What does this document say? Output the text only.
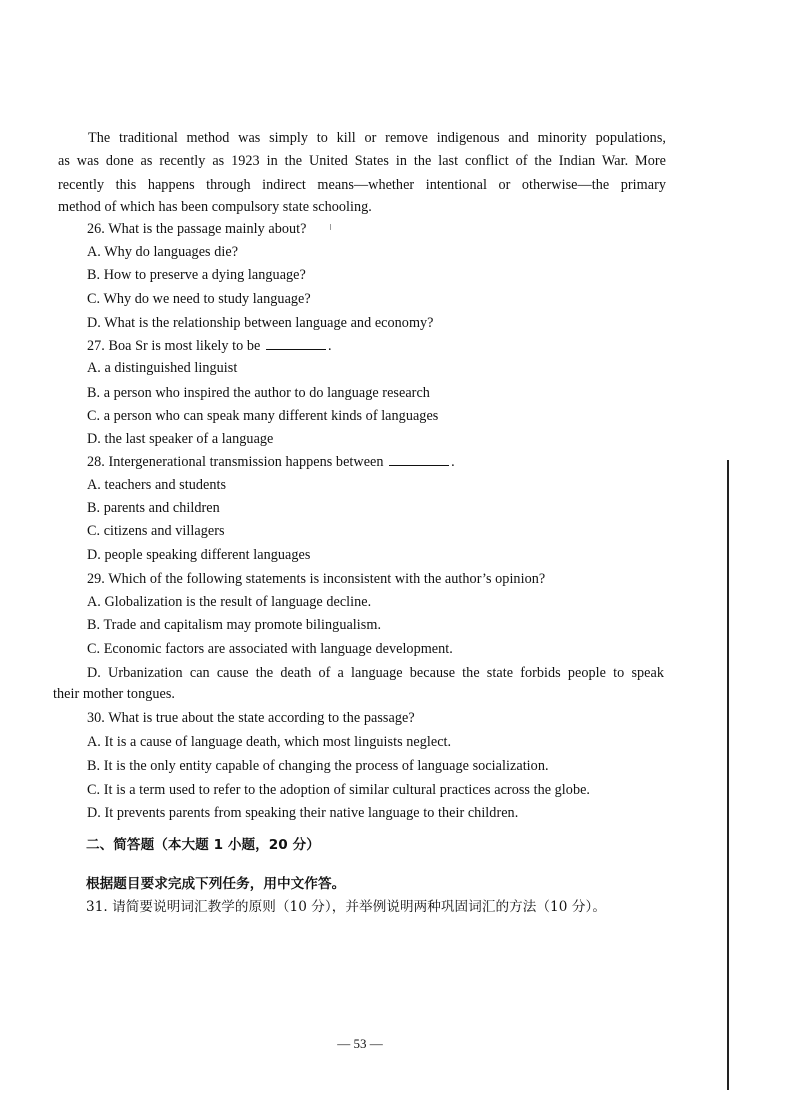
The traditional method was simply to kill or remove indigenous and minority populations,
as was done as recently as 1923 in the United States in the last conflict of the Indian War. More
recently this happens through indirect means—whether intentional or otherwise—the primary
method of which has been compulsory state schooling.
26. What is the passage mainly about?
A. Why do languages die?
B. How to preserve a dying language?
C. Why do we need to study language?
D. What is the relationship between language and economy?
27. Boa Sr is most likely to be	.
A. a distinguished linguist
B. a person who inspired the author to do language research
C. a person who can speak many different kinds of languages
D. the last speaker of a language
28. Intergenerational transmission happens between	.
A. teachers and students
B. parents and children
C. citizens and villagers
D. people speaking different languages
29. Which of the following statements is inconsistent with the author’s opinion?
A. Globalization is the result of language decline.
B. Trade and capitalism may promote bilingualism.
C. Economic factors are associated with language development.
D. Urbanization can cause the death of a language because the state forbids people to speak
their mother tongues.
30. What is true about the state according to the passage?
A. It is a cause of language death, which most linguists neglect.
B. It is the only entity capable of changing the process of language socialization.
C. It is a term used to refer to the adoption of similar cultural practices across the globe.
D. It prevents parents from speaking their native language to their children.
二、简答题（本大题 1 小题，20 分）
根据题目要求完成下列任务，用中文作答。
31. 请简要说明词汇教学的原则（10 分），并举例说明两种巩固词汇的方法（10 分）。
— 53 —
